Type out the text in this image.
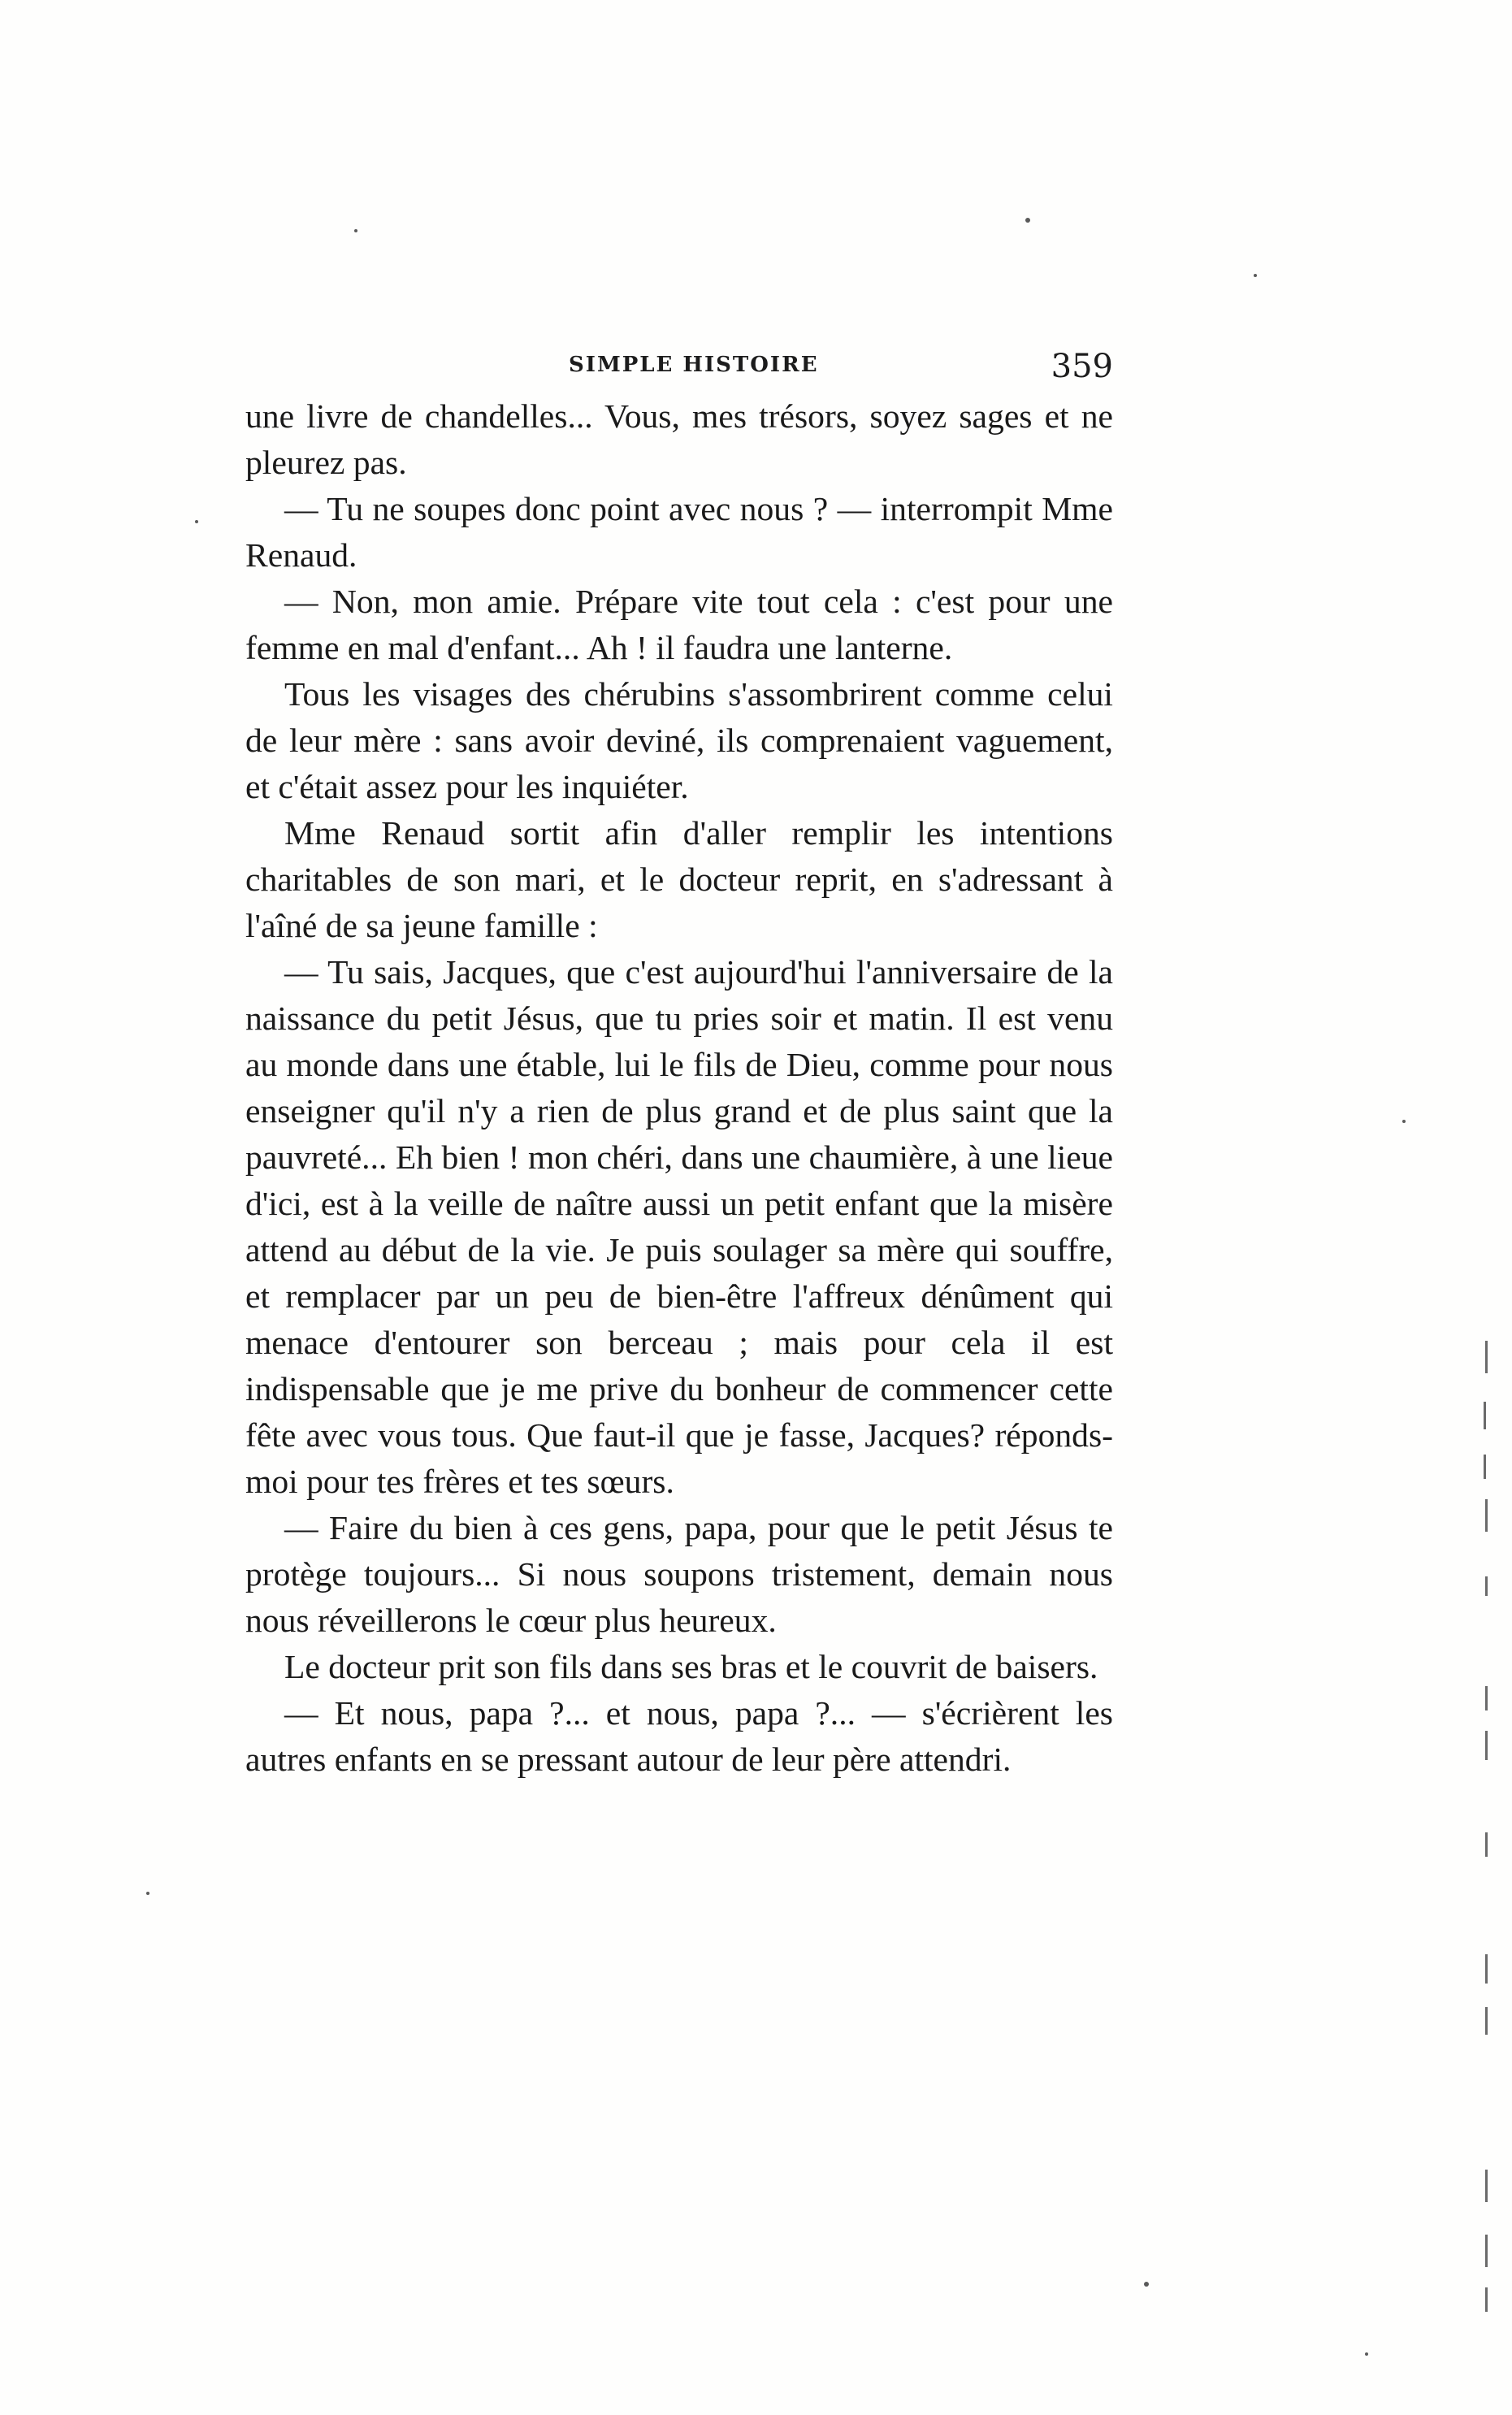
SIMPLE HISTOIRE	359

une livre de chandelles... Vous, mes trésors, soyez sages et ne pleurez pas.

— Tu ne soupes donc point avec nous ? — interrompit Mme Renaud.

— Non, mon amie. Prépare vite tout cela : c'est pour une femme en mal d'enfant... Ah ! il faudra une lanterne.

Tous les visages des chérubins s'assombrirent comme celui de leur mère : sans avoir deviné, ils comprenaient vaguement, et c'était assez pour les inquiéter.

Mme Renaud sortit afin d'aller remplir les intentions charitables de son mari, et le docteur reprit, en s'adressant à l'aîné de sa jeune famille :

— Tu sais, Jacques, que c'est aujourd'hui l'anniversaire de la naissance du petit Jésus, que tu pries soir et matin. Il est venu au monde dans une étable, lui le fils de Dieu, comme pour nous enseigner qu'il n'y a rien de plus grand et de plus saint que la pauvreté... Eh bien ! mon chéri, dans une chaumière, à une lieue d'ici, est à la veille de naître aussi un petit enfant que la misère attend au début de la vie. Je puis soulager sa mère qui souffre, et remplacer par un peu de bien-être l'affreux dénûment qui menace d'entourer son berceau ; mais pour cela il est indispensable que je me prive du bonheur de commencer cette fête avec vous tous. Que faut-il que je fasse, Jacques? réponds-moi pour tes frères et tes sœurs.

— Faire du bien à ces gens, papa, pour que le petit Jésus te protège toujours... Si nous soupons tristement, demain nous nous réveillerons le cœur plus heureux.

Le docteur prit son fils dans ses bras et le couvrit de baisers.

— Et nous, papa ?... et nous, papa ?... — s'écrièrent les autres enfants en se pressant autour de leur père attendri.
